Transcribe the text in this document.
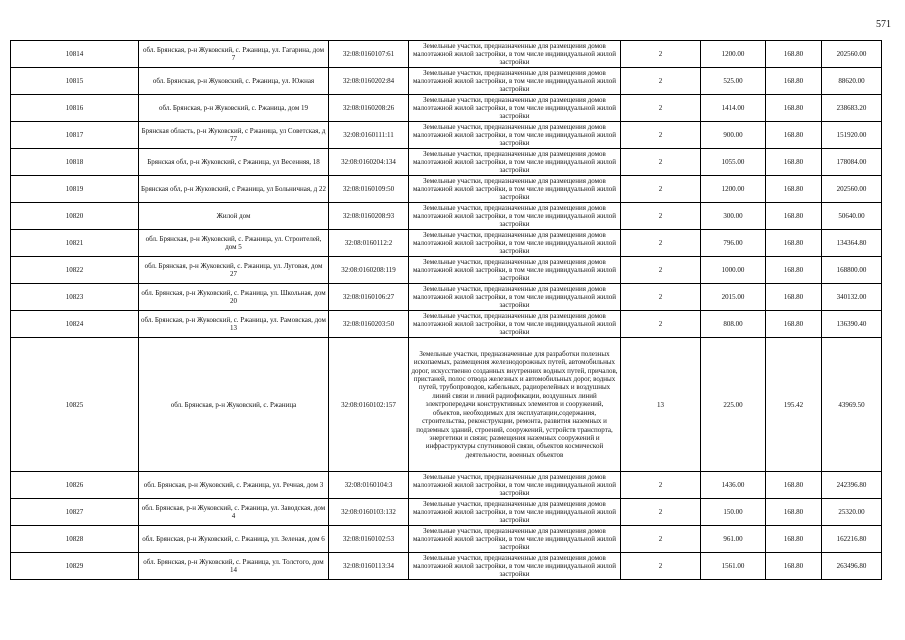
571
10814	обл. Брянская, р-н Жуковский, с. Ржаница, ул. Гагарина, дом 7	32:08:0160107:61	Земельные участки, предназначенные для размещения домов малоэтажной жилой застройки, в том числе индивидуальной жилой застройки	2	1200.00	168.80	202560.00
10815	обл. Брянская, р-н Жуковский, с. Ржаница, ул. Южная	32:08:0160202:84	Земельные участки, предназначенные для размещения домов малоэтажной жилой застройки, в том числе индивидуальной жилой застройки	2	525.00	168.80	88620.00
10816	обл. Брянская, р-н Жуковский, с. Ржаница, дом 19	32:08:0160208:26	Земельные участки, предназначенные для размещения домов малоэтажной жилой застройки, в том числе индивидуальной жилой застройки	2	1414.00	168.80	238683.20
10817	Брянская область, р-н Жуковский, с Ржаница, ул Советская, д 77	32:08:0160111:11	Земельные участки, предназначенные для размещения домов малоэтажной жилой застройки, в том числе индивидуальной жилой застройки	2	900.00	168.80	151920.00
10818	Брянская обл, р-н Жуковский, с Ржаница, ул Весенняя, 18	32:08:0160204:134	Земельные участки, предназначенные для размещения домов малоэтажной жилой застройки, в том числе индивидуальной жилой застройки	2	1055.00	168.80	178084.00
10819	Брянская обл, р-н Жуковский, с Ржаница, ул Больничная, д 22	32:08:0160109:50	Земельные участки, предназначенные для размещения домов малоэтажной жилой застройки, в том числе индивидуальной жилой застройки	2	1200.00	168.80	202560.00
10820	Жилой дом	32:08:0160208:93	Земельные участки, предназначенные для размещения домов малоэтажной жилой застройки, в том числе индивидуальной жилой застройки	2	300.00	168.80	50640.00
10821	обл. Брянская, р-н Жуковский, с. Ржаница, ул. Строителей, дом 5	32:08:0160112:2	Земельные участки, предназначенные для размещения домов малоэтажной жилой застройки, в том числе индивидуальной жилой застройки	2	796.00	168.80	134364.80
10822	обл. Брянская, р-н Жуковский, с. Ржаница, ул. Луговая, дом 27	32:08:0160208:119	Земельные участки, предназначенные для размещения домов малоэтажной жилой застройки, в том числе индивидуальной жилой застройки	2	1000.00	168.80	168800.00
10823	обл. Брянская, р-н Жуковский, с. Ржаница, ул. Школьная, дом 20	32:08:0160106:27	Земельные участки, предназначенные для размещения домов малоэтажной жилой застройки, в том числе индивидуальной жилой застройки	2	2015.00	168.80	340132.00
10824	обл. Брянская, р-н Жуковский, с. Ржаница, ул. Рамовская, дом 13	32:08:0160203:50	Земельные участки, предназначенные для размещения домов малоэтажной жилой застройки, в том числе индивидуальной жилой застройки	2	808.00	168.80	136390.40
10825	обл. Брянская, р-н Жуковский, с. Ржаница	32:08:0160102:157	Земельные участки, предназначенные для разработки полезных ископаемых, размещения железнодорожных путей, автомобильных дорог, искусственно созданных внутренних водных путей, причалов, пристаней, полос отвода железных и автомобильных дорог, водных путей, трубопроводов, кабельных, радиорелейных и воздушных линий связи и линий радиофикации, воздушных линий электропередачи конструктивных элементов и сооружений, объектов, необходимых для эксплуатации,содержания, строительства, реконструкции, ремонта, развития наземных и подземных зданий, строений, сооружений, устройств транспорта, энергетики и связи; размещения наземных сооружений и инфраструктуры спутниковой связи, объектов космической деятельности, военных объектов	13	225.00	195.42	43969.50
10826	обл. Брянская, р-н Жуковский, с. Ржаница, ул. Речная, дом 3	32:08:0160104:3	Земельные участки, предназначенные для размещения домов малоэтажной жилой застройки, в том числе индивидуальной жилой застройки	2	1436.00	168.80	242396.80
10827	обл. Брянская, р-н Жуковский, с. Ржаница, ул. Заводская, дом 4	32:08:0160103:132	Земельные участки, предназначенные для размещения домов малоэтажной жилой застройки, в том числе индивидуальной жилой застройки	2	150.00	168.80	25320.00
10828	обл. Брянская, р-н Жуковский, с. Ржаница, ул. Зеленая, дом 6	32:08:0160102:53	Земельные участки, предназначенные для размещения домов малоэтажной жилой застройки, в том числе индивидуальной жилой застройки	2	961.00	168.80	162216.80
10829	обл. Брянская, р-н Жуковский, с. Ржаница, ул. Толстого, дом 14	32:08:0160113:34	Земельные участки, предназначенные для размещения домов малоэтажной жилой застройки, в том числе индивидуальной жилой застройки	2	1561.00	168.80	263496.80
